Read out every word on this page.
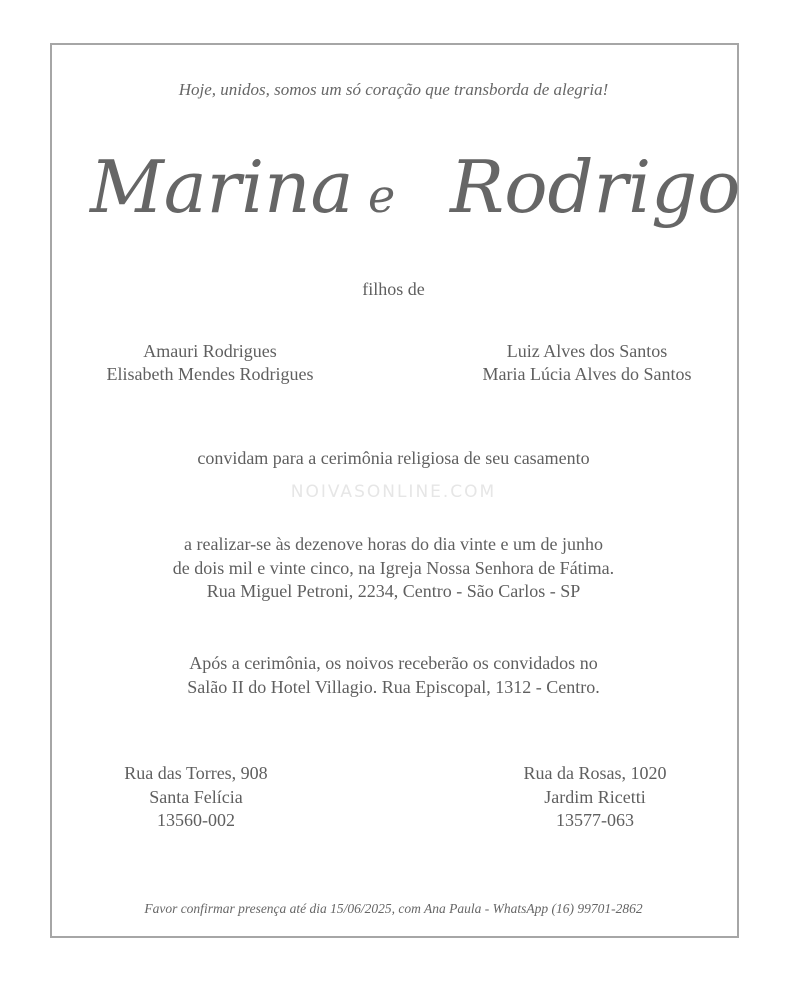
Hoje, unidos, somos um só coração que transborda de alegria!
Marina e Rodrigo
filhos de
Amauri Rodrigues
Elisabeth Mendes Rodrigues
Luiz Alves dos Santos
Maria Lúcia Alves do Santos
convidam para a cerimônia religiosa de seu casamento
NOIVASONLINE.COM
a realizar-se às dezenove horas do dia vinte e um de junho
de dois mil e vinte cinco, na Igreja Nossa Senhora de Fátima.
Rua Miguel Petroni, 2234, Centro - São Carlos - SP
Após a cerimônia, os noivos receberão os convidados no
Salão II do Hotel Villagio. Rua Episcopal, 1312 - Centro.
Rua das Torres, 908
Santa Felícia
13560-002
Rua da Rosas, 1020
Jardim Ricetti
13577-063
Favor confirmar presença até dia 15/06/2025, com Ana Paula - WhatsApp (16) 99701-2862
